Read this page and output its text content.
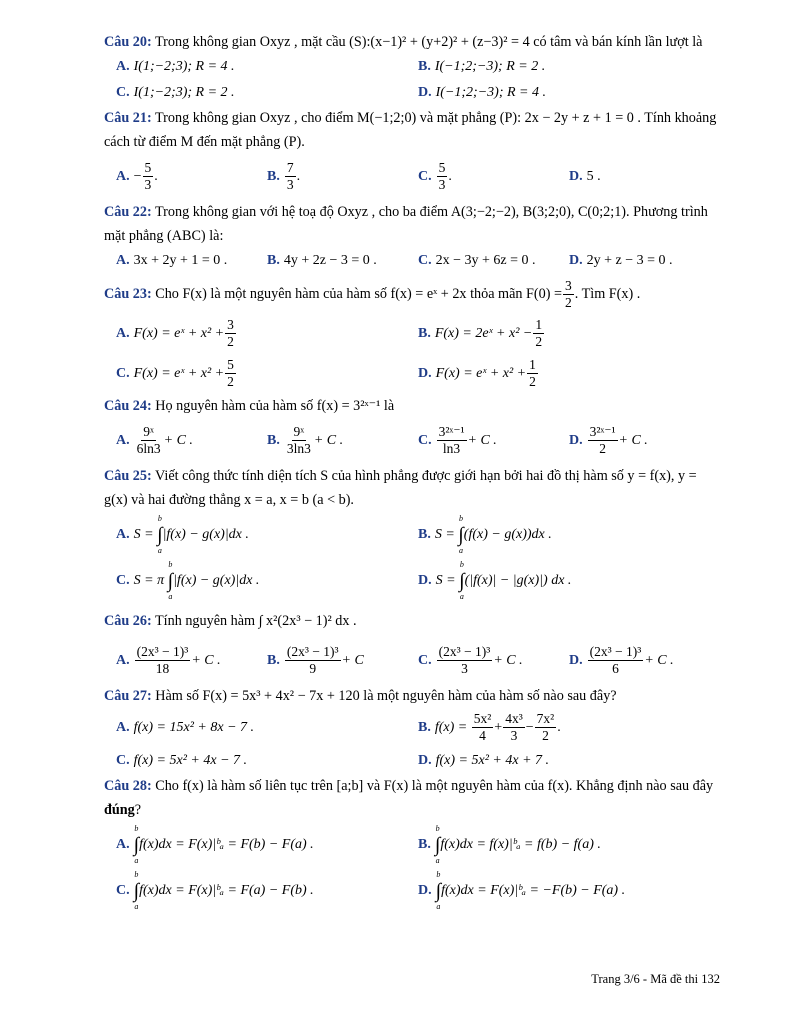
Câu 20: Trong không gian Oxyz , mặt cầu (S):(x−1)² + (y+2)² + (z−3)² = 4 có tâm và bán kính lần lượt là

A. I(1;−2;3); R = 4 .	B. I(−1;2;−3); R = 2 .
C. I(1;−2;3); R = 2 .	D. I(−1;2;−3); R = 4 .

Câu 21: Trong không gian Oxyz , cho điểm M(−1;2;0) và mặt phẳng (P): 2x − 2y + z + 1 = 0 . Tính khoảng cách từ điểm M đến mặt phẳng (P).

A. − $\frac{5}{3}$ .	B. $\frac{7}{3}$ .	C. $\frac{5}{3}$ .	D. 5 .

Câu 22: Trong không gian với hệ toạ độ Oxyz , cho ba điểm A(3;−2;−2), B(3;2;0), C(0;2;1). Phương trình mặt phẳng (ABC) là:

A. 3x + 2y + 1 = 0 .	B. 4y + 2z − 3 = 0 .	C. 2x − 3y + 6z = 0 . D. 2y + z − 3 = 0 .

Câu 23: Cho F(x) là một nguyên hàm của hàm số f(x) = eˣ + 2x thỏa mãn $F(0) = \frac{3}{2}$ . Tìm F(x) .

A. F(x) = eˣ + $x^2 + \frac{3}{2}$	B. F(x) = 2eˣ + $x^2 - \frac{1}{2}$
C. F(x) = eˣ + $x^2 + \frac{5}{2}$	D. F(x) = eˣ + $x^2 + \frac{1}{2}$

Câu 24: Họ nguyên hàm của hàm số f(x) = 3²ˣ⁻¹ là

A. $\frac{\text{9ˣ}}{6\ln 3} + C$ .	B. $\frac{\text{9ˣ}}{3\ln 3} + C$ .	C. $\frac{\text{3²ˣ⁻¹}}{\ln 3} + C$ .	D. $\frac{\text{3²ˣ⁻¹}}{2} + C$ .

Câu 25: Viết công thức tính diện tích S của hình phẳng được giới hạn bởi hai đồ thị hàm số y = f(x), y = g(x) và hai đường thẳng x = a, x = b (a < b).

A. S =
b
∫
a
|f(x) − g(x)|dx .	B. S =
b
∫
a
(f(x) − g(x))dx .
C. S = π
b
∫
a
|f(x) − g(x)|dx .	D. S =
b
∫
a
(|f(x)| − |g(x)|) dx .

Câu 26: Tính nguyên hàm ∫ x²(2x³ − 1)² dx .

A. $\frac{\text{(2x³ − 1)³}}{18} + C$ .	B. $\frac{\text{(2x³ − 1)³}}{9} + C$	C. $\frac{\text{(2x³ − 1)³}}{3} + C$ .	D. $\frac{\text{(2x³ − 1)³}}{6} + C$ .

Câu 27: Hàm số F(x) = 5x³ + 4x² − 7x + 120 là một nguyên hàm của hàm số nào sau đây?

A. f(x) = 15x² + 8x − 7 .	B. $f(x) = \frac{\text{5x²}}{4} + \frac{\text{4x³}}{3} - \frac{\text{7x²}}{2}$ .
C. f(x) = 5x² + 4x − 7 .	D. f(x) = 5x² + 4x + 7 .

Câu 28: Cho f(x) là hàm số liên tục trên [a;b] và F(x) là một nguyên hàm của f(x). Khẳng định nào sau đây đúng?

A.
b
∫
a
f(x)dx = F(x)|ᵇₐ = F(b) − F(a) .	B.
b
∫
a
f(x)dx = f(x)|ᵇₐ = f(b) − f(a) .
C.
b
∫
a
f(x)dx = F(x)|ᵇₐ = F(a) − F(b) .	D.
b
∫
a
f(x)dx = F(x)|ᵇₐ = −F(b) − F(a) .
Trang 3/6 - Mã đề thi 132
